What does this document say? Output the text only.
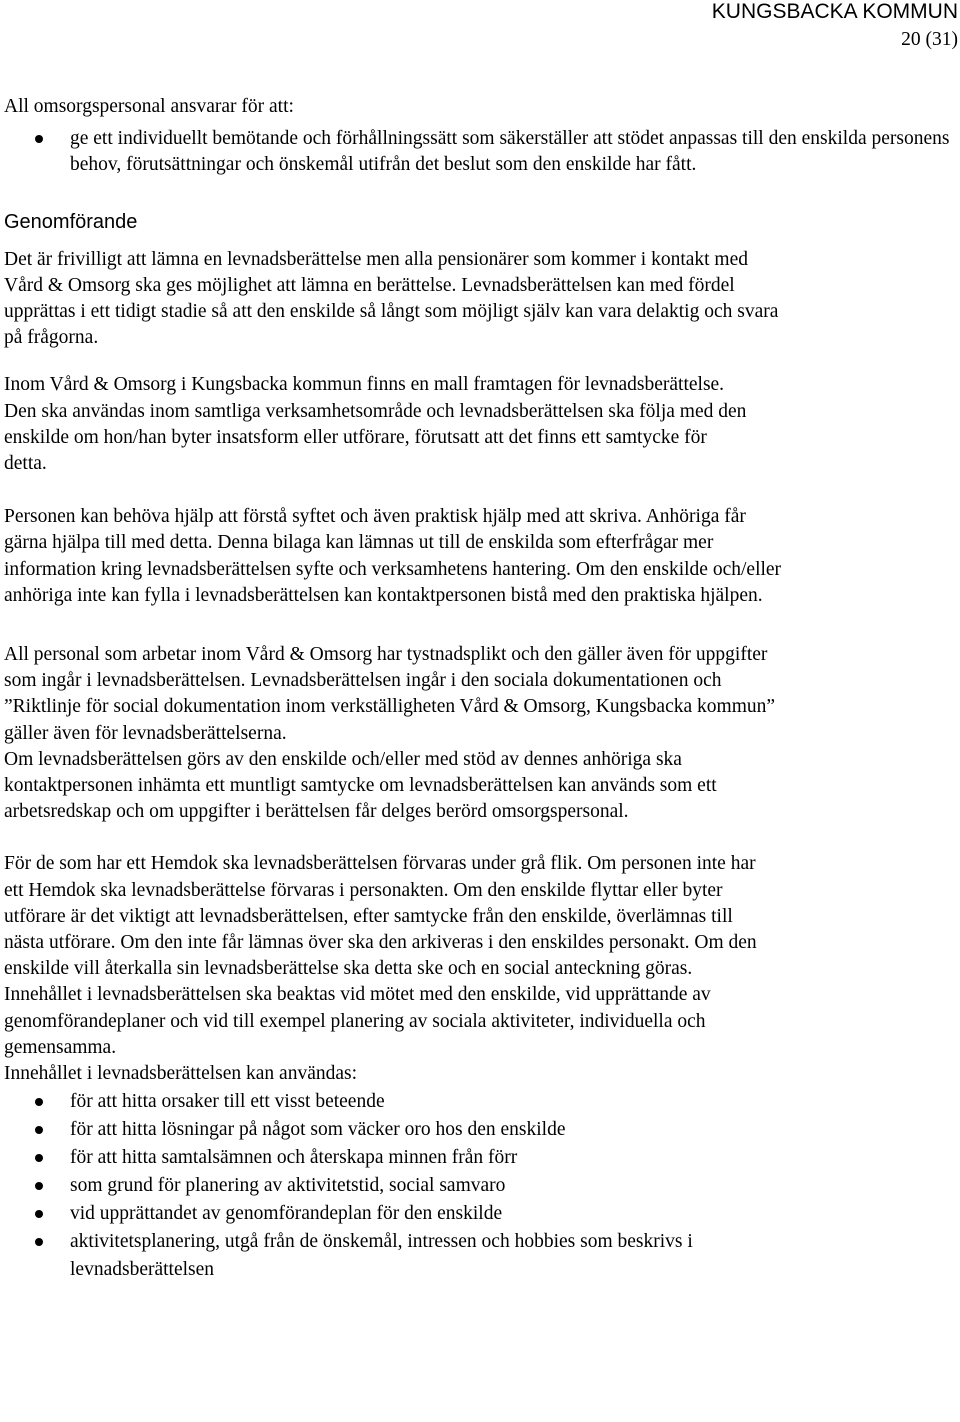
KUNGSBACKA KOMMUN
20 (31)

All omsorgspersonal ansvarar för att:

ge ett individuellt bemötande och förhållningssätt som säkerställer att stödet anpassas till den enskilda personens behov, förutsättningar och önskemål utifrån det beslut som den enskilde har fått.
Genomförande

Det är frivilligt att lämna en levnadsberättelse men alla pensionärer som kommer i kontakt med Vård & Omsorg ska ges möjlighet att lämna en berättelse. Levnadsberättelsen kan med fördel upprättas i ett tidigt stadie så att den enskilde så långt som möjligt själv kan vara delaktig och svara på frågorna.

Inom Vård & Omsorg i Kungsbacka kommun finns en mall framtagen för levnadsberättelse. Den ska användas inom samtliga verksamhetsområde och levnadsberättelsen ska följa med den enskilde om hon/han byter insatsform eller utförare, förutsatt att det finns ett samtycke för detta.

Personen kan behöva hjälp att förstå syftet och även praktisk hjälp med att skriva. Anhöriga får gärna hjälpa till med detta. Denna bilaga kan lämnas ut till de enskilda som efterfrågar mer information kring levnadsberättelsen syfte och verksamhetens hantering. Om den enskilde och/eller anhöriga inte kan fylla i levnadsberättelsen kan kontaktpersonen bistå med den praktiska hjälpen.

All personal som arbetar inom Vård & Omsorg har tystnadsplikt och den gäller även för uppgifter som ingår i levnadsberättelsen. Levnadsberättelsen ingår i den sociala dokumentationen och ”Riktlinje för social dokumentation inom verkställigheten Vård & Omsorg, Kungsbacka kommun” gäller även för levnadsberättelserna.

Om levnadsberättelsen görs av den enskilde och/eller med stöd av dennes anhöriga ska kontaktpersonen inhämta ett muntligt samtycke om levnadsberättelsen kan används som ett arbetsredskap och om uppgifter i berättelsen får delges berörd omsorgspersonal.

För de som har ett Hemdok ska levnadsberättelsen förvaras under grå flik. Om personen inte har ett Hemdok ska levnadsberättelse förvaras i personakten. Om den enskilde flyttar eller byter utförare är det viktigt att levnadsberättelsen, efter samtycke från den enskilde, överlämnas till nästa utförare. Om den inte får lämnas över ska den arkiveras i den enskildes personakt. Om den enskilde vill återkalla sin levnadsberättelse ska detta ske och en social anteckning göras.

Innehållet i levnadsberättelsen ska beaktas vid mötet med den enskilde, vid upprättande av genomförandeplaner och vid till exempel planering av sociala aktiviteter, individuella och gemensamma.

Innehållet i levnadsberättelsen kan användas:

för att hitta orsaker till ett visst beteende
för att hitta lösningar på något som väcker oro hos den enskilde
för att hitta samtalsämnen och återskapa minnen från förr
som grund för planering av aktivitetstid, social samvaro
vid upprättandet av genomförandeplan för den enskilde
aktivitetsplanering, utgå från de önskemål, intressen och hobbies som beskrivs i levnadsberättelsen
